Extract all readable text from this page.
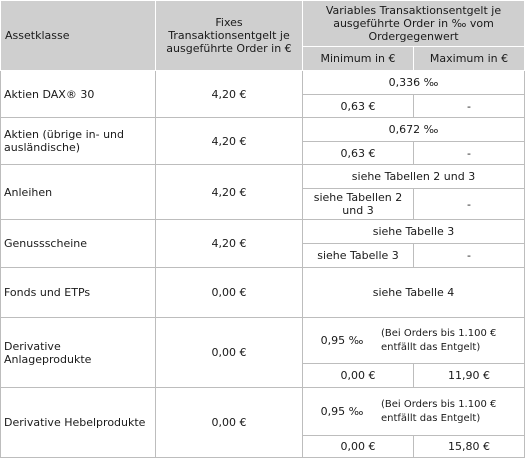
Assetklasse	Fixes Transaktionsentgelt je ausgeführte Order in €	Variables Transaktionsentgelt je ausgeführte Order in ‰ vom Ordergegenwert	
		Minimum in €	Maximum in €
Aktien DAX® 30	4,20 €	0,336 ‰	
		0,63 €	-
Aktien (übrige in- und ausländische)	4,20 €	0,672 ‰	
		0,63 €	-
Anleihen	4,20 €	siehe Tabellen 2 und 3	
		siehe Tabellen 2 und 3	-
Genussscheine	4,20 €	siehe Tabelle 3	
		siehe Tabelle 3	-
Fonds und ETPs	0,00 €	siehe Tabelle 4	
Derivative Anlageprodukte	0,00 €	0,95 ‰
(Bei Orders bis 1.100 € entfällt das Entgelt)	

		0,00 €	11,90 €
Derivative Hebelprodukte	0,00 €	0,95 ‰
(Bei Orders bis 1.100 € entfällt das Entgelt)	

		0,00 €	15,80 €
